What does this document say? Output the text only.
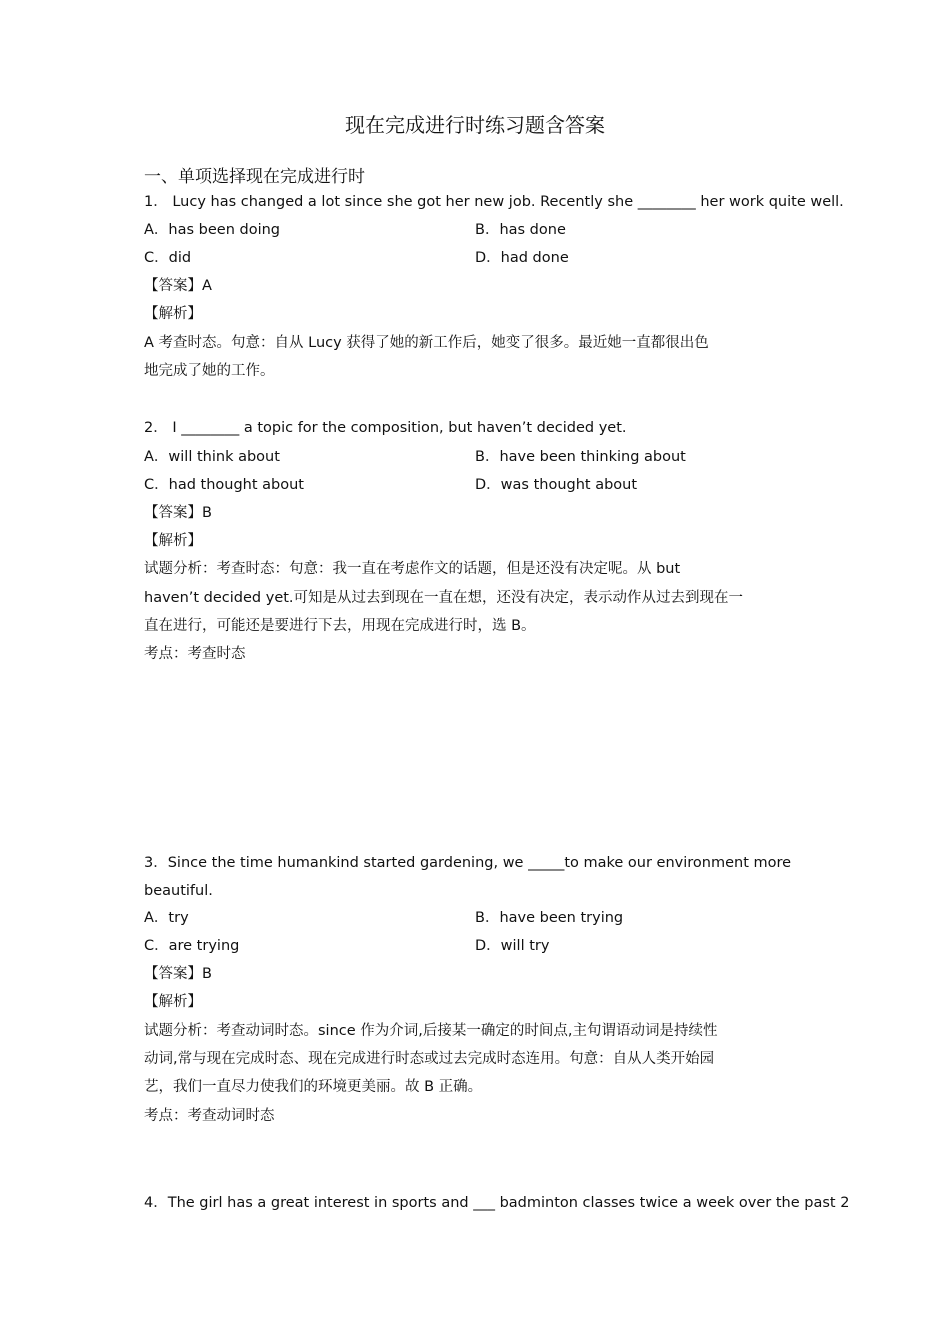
现在完成进行时练习题含答案
一、单项选择现在完成进行时
1． Lucy has changed a lot since she got her new job. Recently she ________ her work quite well.
A．has been doing	B．has done
C．did	D．had done
【答案】A
【解析】
A 考查时态。句意：自从 Lucy 获得了她的新工作后，她变了很多。最近她一直都很出色
地完成了她的工作。
2． I ________ a topic for the composition, but haven’t decided yet.
A．will think about	B．have been thinking about
C．had thought about	D．was thought about
【答案】B
【解析】
试题分析：考查时态：句意：我一直在考虑作文的话题，但是还没有决定呢。从 but
haven’t decided yet.可知是从过去到现在一直在想，还没有决定，表示动作从过去到现在一
直在进行，可能还是要进行下去，用现在完成进行时，选 B。
考点：考查时态
3．Since the time humankind started gardening, we _____to make our environment more
beautiful.
A．try	B．have been trying
C．are trying	D．will try
【答案】B
【解析】
试题分析：考查动词时态。since 作为介词,后接某一确定的时间点,主句谓语动词是持续性
动词,常与现在完成时态、现在完成进行时态或过去完成时态连用。句意：自从人类开始园
艺，我们一直尽力使我们的环境更美丽。故 B 正确。
考点：考查动词时态
4．The girl has a great interest in sports and ___ badminton classes twice a week over the past 2
